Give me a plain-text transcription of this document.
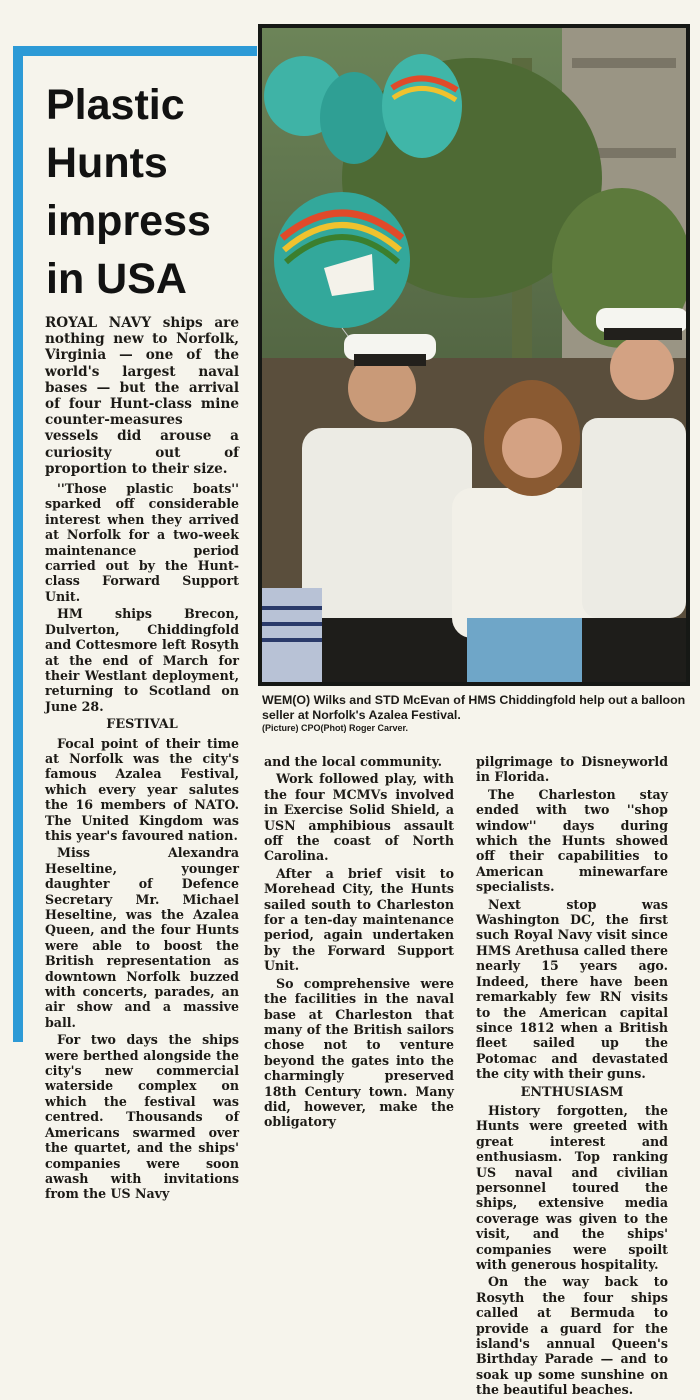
Plastic
Hunts
impress
in USA

ROYAL NAVY ships are nothing new to Norfolk, Virginia — one of the world's largest naval bases — but the arrival of four Hunt-class mine counter-measures vessels did arouse a curiosity out of proportion to their size.

''Those plastic boats'' sparked off considerable interest when they arrived at Norfolk for a two-week maintenance period carried out by the Hunt-class Forward Support Unit.

HM ships Brecon, Dulverton, Chiddingfold and Cottesmore left Rosyth at the end of March for their Westlant deployment, returning to Scotland on June 28.

FESTIVAL

Focal point of their time at Norfolk was the city's famous Azalea Festival, which every year salutes the 16 members of NATO. The United Kingdom was this year's favoured nation.

Miss Alexandra Heseltine, younger daughter of Defence Secretary Mr. Michael Heseltine, was the Azalea Queen, and the four Hunts were able to boost the British representation as downtown Norfolk buzzed with concerts, parades, an air show and a massive ball.

For two days the ships were berthed alongside the city's new commercial waterside complex on which the festival was centred. Thousands of Americans swarmed over the quartet, and the ships' companies were soon awash with invitations from the US Navy

WEM(O) Wilks and STD McEvan of HMS Chiddingfold help out a balloon seller at Norfolk's Azalea Festival.
(Picture) CPO(Phot) Roger Carver.

and the local community.

Work followed play, with the four MCMVs involved in Exercise Solid Shield, a USN amphibious assault off the coast of North Carolina.

After a brief visit to Morehead City, the Hunts sailed south to Charleston for a ten-day maintenance period, again undertaken by the Forward Support Unit.

So comprehensive were the facilities in the naval base at Charleston that many of the British sailors chose not to venture beyond the gates into the charmingly preserved 18th Century town. Many did, however, make the obligatory

pilgrimage to Disneyworld in Florida.

The Charleston stay ended with two ''shop window'' days during which the Hunts showed off their capabilities to American minewarfare specialists.

Next stop was Washington DC, the first such Royal Navy visit since HMS Arethusa called there nearly 15 years ago. Indeed, there have been remarkably few RN visits to the American capital since 1812 when a British fleet sailed up the Potomac and devastated the city with their guns.

ENTHUSIASM

History forgotten, the Hunts were greeted with great interest and enthusiasm. Top ranking US naval and civilian personnel toured the ships, extensive media coverage was given to the visit, and the ships' companies were spoilt with generous hospitality.

On the way back to Rosyth the four ships called at Bermuda to provide a guard for the island's annual Queen's Birthday Parade — and to soak up some sunshine on the beautiful beaches.
